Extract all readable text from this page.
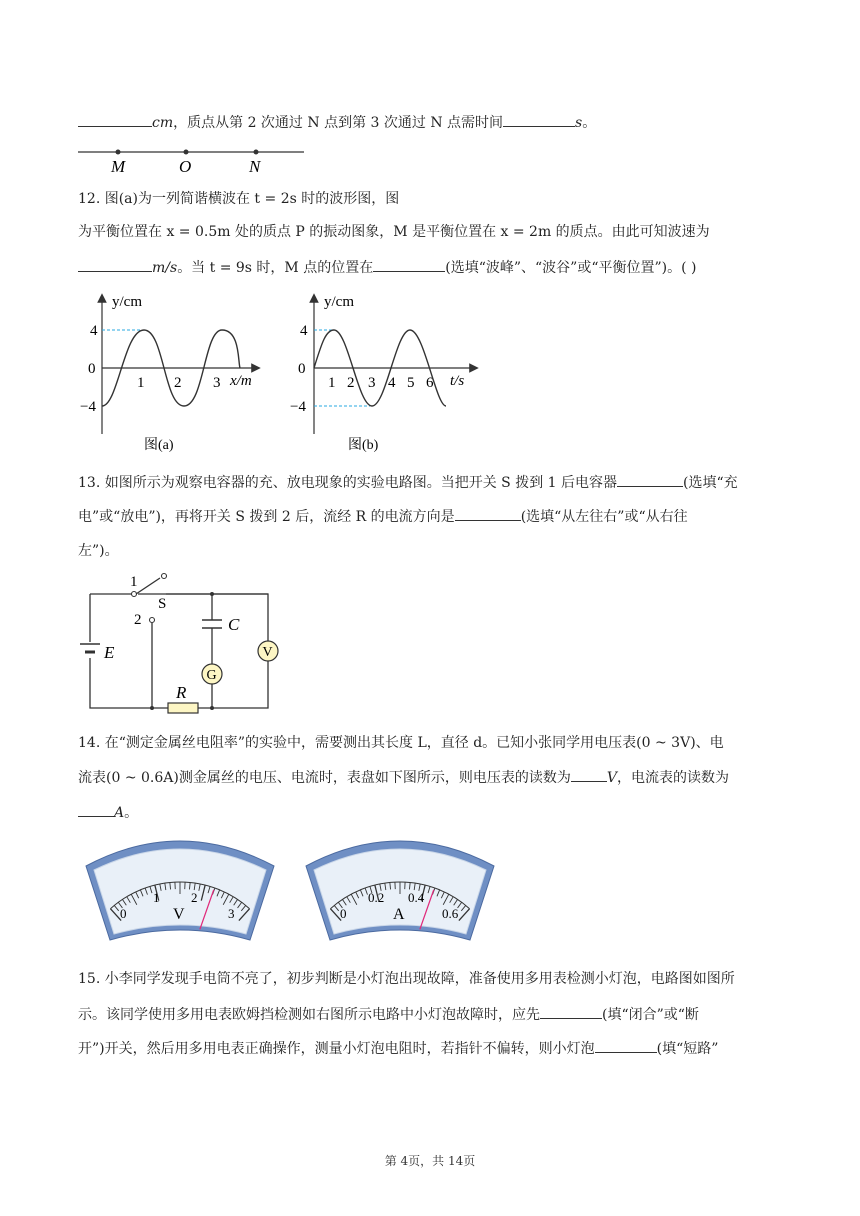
cm，质点从第 2 次通过 N 点到第 3 次通过 N 点需时间	s。
M	O	N
12. 图(a)为一列简谐横波在 t = 2s 时的波形图，图
为平衡位置在 x = 0.5m 处的质点 P 的振动图象，M 是平衡位置在 x = 2m 的质点。由此可知波速为
m/s。当 t = 9s 时，M 点的位置在	(选填“波峰”、“波谷”或“平衡位置”)。( )
y/cm
x/m
4
0
−4
1 2 3
图(a)
y/cm
t/s
4
0
−4
1 2 3 4 5 6
图(b)
13. 如图所示为观察电容器的充、放电现象的实验电路图。当把开关 S 拨到 1 后电容器	(选填“充
电”或“放电”)，再将开关 S 拨到 2 后，流经 R 的电流方向是	(选填“从左往右”或“从右往
左”)。
E
1
2
S
C
G
V
R
14. 在“测定金属丝电阻率”的实验中，需要测出其长度 L，直径 d。已知小张同学用电压表(0 ~ 3V)、电
流表(0 ~ 0.6A)测金属丝的电压、电流时，表盘如下图所示，则电压表的读数为	V，电流表的读数为
A。
0
1 2
3
V	0
0.2 0.4
0.6
A
15. 小李同学发现手电筒不亮了，初步判断是小灯泡出现故障，准备使用多用表检测小灯泡，电路图如图所
示。该同学使用多用电表欧姆挡检测如右图所示电路中小灯泡故障时，应先	(填“闭合”或“断
开”)开关，然后用多用电表正确操作，测量小灯泡电阻时，若指针不偏转，则小灯泡	(填“短路”
第 4页，共 14页
